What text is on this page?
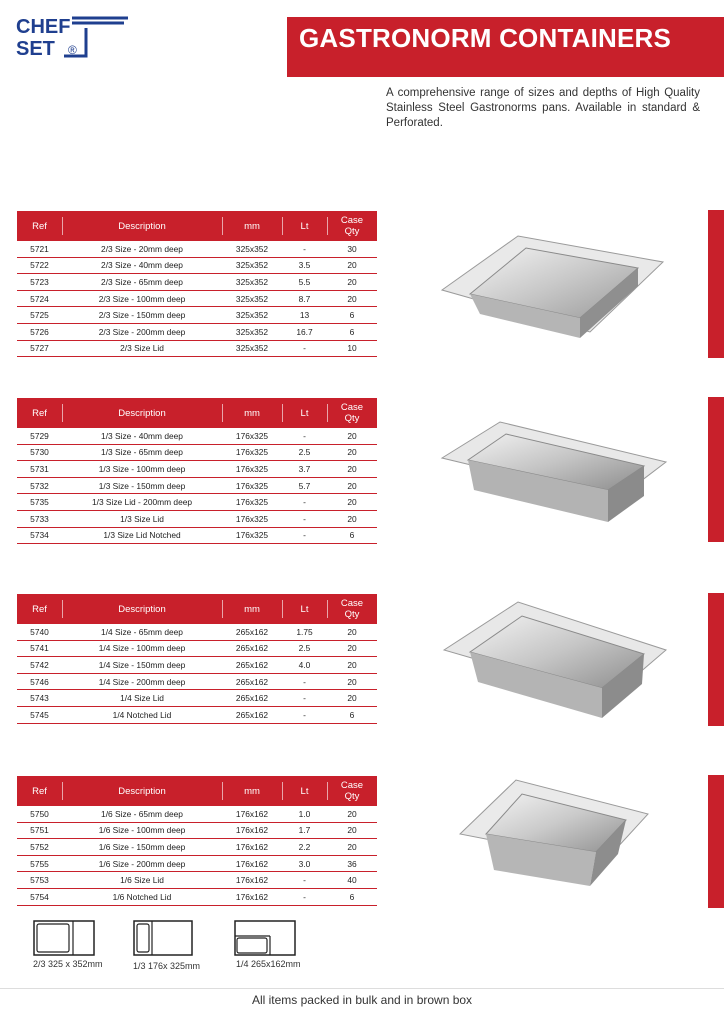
CHEF
SET ®	GASTRONORM CONTAINERS
A comprehensive range of sizes and depths of High Quality Stainless Steel Gastronorms pans. Available in standard & Perforated.
Ref	Description	mm	Lt	Case
Qty
5721	2/3 Size - 20mm deep	325x352	-	30
5722	2/3 Size - 40mm deep	325x352	3.5	20
5723	2/3 Size - 65mm deep	325x352	5.5	20
5724	2/3 Size - 100mm deep	325x352	8.7	20
5725	2/3 Size - 150mm deep	325x352	13	6
5726	2/3 Size - 200mm deep	325x352	16.7	6
5727	2/3 Size Lid	325x352	-	10
Ref	Description	mm	Lt	Case
Qty
5729	1/3 Size - 40mm deep	176x325	-	20
5730	1/3 Size - 65mm deep	176x325	2.5	20
5731	1/3 Size - 100mm deep	176x325	3.7	20
5732	1/3 Size - 150mm deep	176x325	5.7	20
5735	1/3 Size Lid - 200mm deep	176x325	-	20
5733	1/3 Size Lid	176x325	-	20
5734	1/3 Size Lid Notched	176x325	-	6
Ref	Description	mm	Lt	Case
Qty
5740	1/4 Size - 65mm deep	265x162	1.75	20
5741	1/4 Size - 100mm deep	265x162	2.5	20
5742	1/4 Size - 150mm deep	265x162	4.0	20
5746	1/4 Size - 200mm deep	265x162	-	20
5743	1/4 Size Lid	265x162	-	20
5745	1/4 Notched Lid	265x162	-	6
Ref	Description	mm	Lt	Case
Qty
5750	1/6 Size - 65mm deep	176x162	1.0	20
5751	1/6 Size - 100mm deep	176x162	1.7	20
5752	1/6 Size - 150mm deep	176x162	2.2	20
5755	1/6 Size - 200mm deep	176x162	3.0	36
5753	1/6 Size Lid	176x162	-	40
5754	1/6 Notched Lid	176x162	-	6
2/3 325 x 352mm	1/3 176x 325mm	1/4 265x162mm
All items packed in bulk and in brown box
